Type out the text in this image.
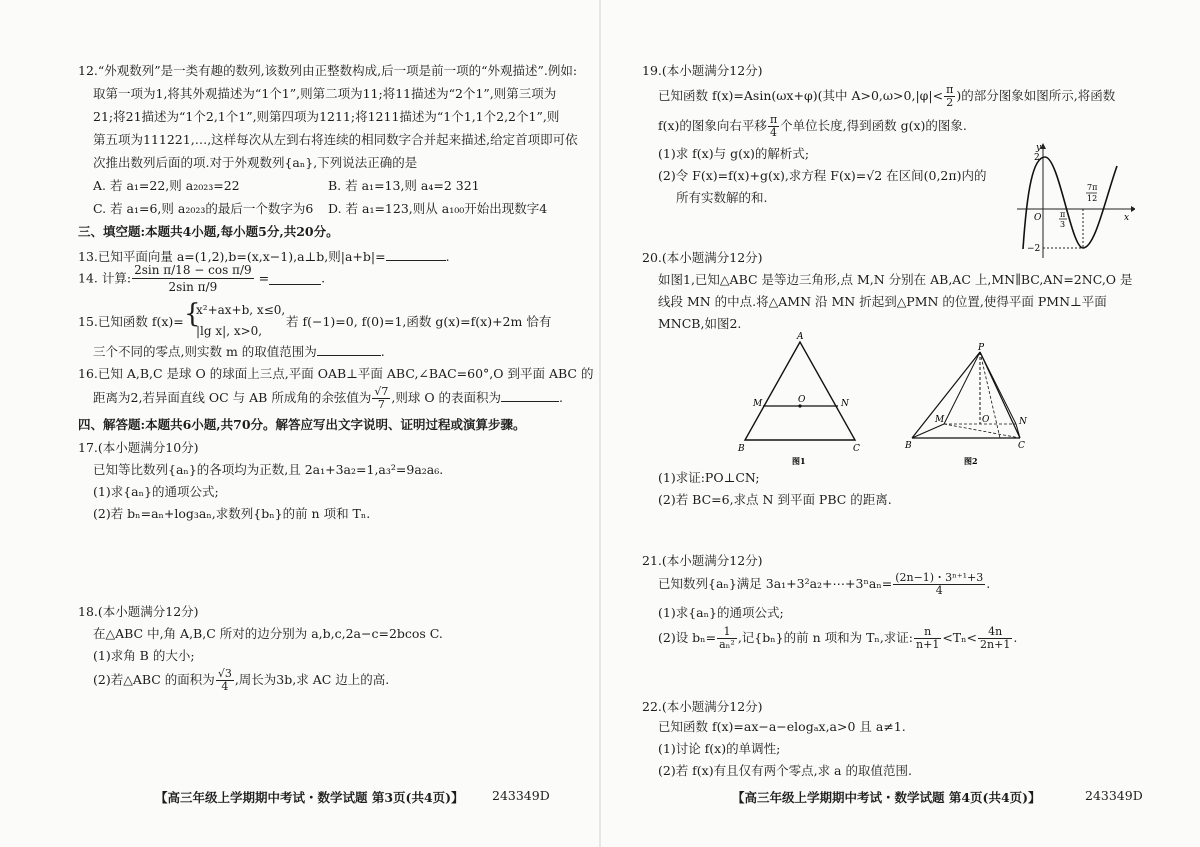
12.“外观数列”是一类有趣的数列,该数列由正整数构成,后一项是前一项的“外观描述”.例如:
取第一项为1,将其外观描述为“1个1”,则第二项为11;将11描述为“2个1”,则第三项为
21;将21描述为“1个2,1个1”,则第四项为1211;将1211描述为“1个1,1个2,2个1”,则
第五项为111221,…,这样每次从左到右将连续的相同数字合并起来描述,给定首项即可依
次推出数列后面的项.对于外观数列{aₙ},下列说法正确的是
A. 若 a₁=22,则 a₂₀₂₃=22	B. 若 a₁=13,则 a₄=2 321
C. 若 a₁=6,则 a₂₀₂₃的最后一个数字为6 D. 若 a₁=123,则从 a₁₀₀开始出现数字4
三、填空题:本题共4小题,每小题5分,共20分。
13.已知平面向量 a=(1,2),b=(x,x−1),a⊥b,则|a+b|=	.
14. 计算: $\frac{\text{2sin π/18 − cos π/9}}{\text{2sin π/9}}$ =	.
15.已知函数 f(x)= {
x²+ax+b, x≤0,
|lg x|, x>0,
若 f(−1)=0, f(0)=1,函数 g(x)=f(x)+2m 恰有
三个不同的零点,则实数 m 的取值范围为	.
16.已知 A,B,C 是球 O 的球面上三点,平面 OAB⊥平面 ABC,∠BAC=60°,O 到平面 ABC 的
距离为2,若异面直线 OC 与 AB 所成角的余弦值为 $\frac{√7}{7}$ ,则球 O 的表面积为	.
四、解答题:本题共6小题,共70分。解答应写出文字说明、证明过程或演算步骤。
17.(本小题满分10分)
已知等比数列{aₙ}的各项均为正数,且 2a₁+3a₂=1,a₃²=9a₂a₆.
(1)求{aₙ}的通项公式;
(2)若 bₙ=aₙ+log₃aₙ,求数列{bₙ}的前 n 项和 Tₙ.
18.(本小题满分12分)
在△ABC 中,角 A,B,C 所对的边分别为 a,b,c,2a−c=2bcos C.
(1)求角 B 的大小;
(2)若△ABC 的面积为 $\frac{√3}{4}$ ,周长为3b,求 AC 边上的高.
【高三年级上学期期中考试・数学试题 第3页(共4页)】 243349D
19.(本小题满分12分)
已知函数 f(x)=Asin(ωx+φ)(其中 $A>0,\omega>0,|\varphi|< \frac{\pi}{2}$ )的部分图象如图所示,将函数
f(x)的图象向右平移 $\frac{\pi}{4}$ 个单位长度,得到函数 g(x)的图象.
(1)求 f(x)与 g(x)的解析式;
(2)令 F(x)=f(x)+g(x),求方程 F(x)=√2 在区间(0,2π)内的
所有实数解的和.
y
x
O
2
−2
π
3
7π
12
20.(本小题满分12分)
如图1,已知△ABC 是等边三角形,点 M,N 分别在 AB,AC 上,MN∥BC,AN=2NC,O 是
线段 MN 的中点.将△AMN 沿 MN 折起到△PMN 的位置,使得平面 PMN⊥平面
MNCB,如图2.
A
B	C
M	N
O
图1
P
B	C
M	N
O
图2
(1)求证:PO⊥CN;
(2)若 BC=6,求点 N 到平面 PBC 的距离.
21.(本小题满分12分)
已知数列{aₙ}满足 3a₁+3²a₂+⋯+3ⁿaₙ= $\frac{\text{(2n−1)・3ⁿ⁺¹+3}}{4}$ .
(1)求{aₙ}的通项公式;
(2)设 $b_n= \frac{1}{\text{aₙ²}}$ ,记{bₙ}的前 n 项和为 Tₙ,求证: $\frac{n}{n+1} <T_n< \frac{4n}{2n+1}$ .
22.(本小题满分12分)
已知函数 f(x)=ax−a−elogₐx,a>0 且 a≠1.
(1)讨论 f(x)的单调性;
(2)若 f(x)有且仅有两个零点,求 a 的取值范围.
【高三年级上学期期中考试・数学试题 第4页(共4页)】	243349D
